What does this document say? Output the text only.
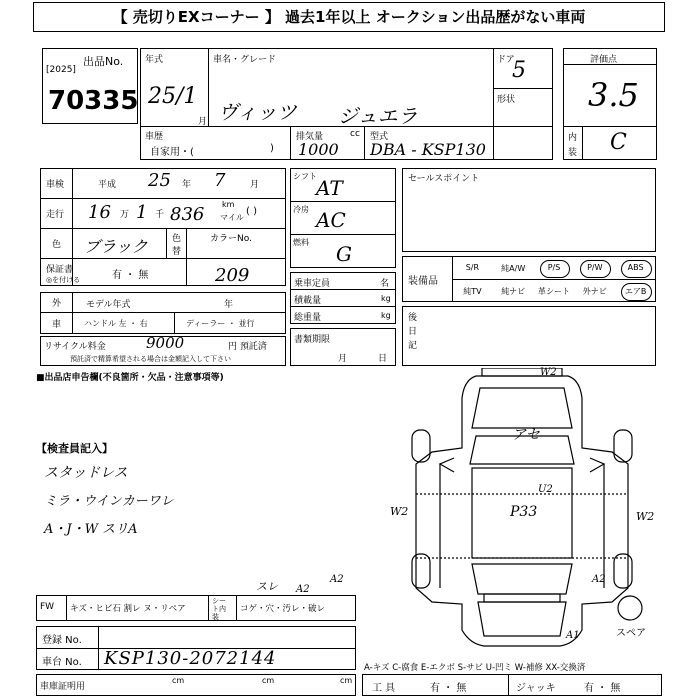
【 売切りEXコーナー 】 過去1年以上 オークション出品歴がない車両
出品No.
[2025]
70335
年式
25/1
月
車名・グレード
ヴィッツ ジュエラ
ドア
5
形状
車歴
自家用・(	)
排気量	cc
1000
型式
DBA - KSP130
評価点
3.5
内
装 C
車検	平成 25 年 7	月
走行 16 万 1 千 836 km
マイル
( )
色 ブラック	色
替
カラーNo.
209
保証書
◎を付ける	有 ・ 無
外
車
モデル年式	年
ハンドル 左 ・ 右	ディーラー ・ 並行
リサイクル料金	9000	円 預託済
預託済で精算希望される場合は金額記入して下さい
シフト AT
冷房 AC
燃料 G
乗車定員	名
積載量	kg
総重量	kg
書類期限
月	日
セールスポイント
装備品
S/R	純A/W	P/S	P/W	ABS
純TV	純ナビ	革シート	外ナビ	エアB
後
日
記
■出品店申告欄(不良箇所・欠品・注意事項等)
【検査員記入】
スタッドレス
ミラ・ウインカーワレ
A・J・W スリA
FW キズ・ヒビ石 割レ ヌ・リペア
シー
ト内
装
コゲ・穴・汚レ・破レ
スレ A2
A2
登録 No.
車台 No. KSP130-2072144
車庫証明用
cm	cm	cm
工 具	有 ・ 無	ジャッキ	有 ・ 無
A-キズ C-腐食 E-エクボ S-サビ U-凹ミ W-補修 XX-交換済
W2
アセ
U2
P33
W2	W2
A2
A1	スペア
